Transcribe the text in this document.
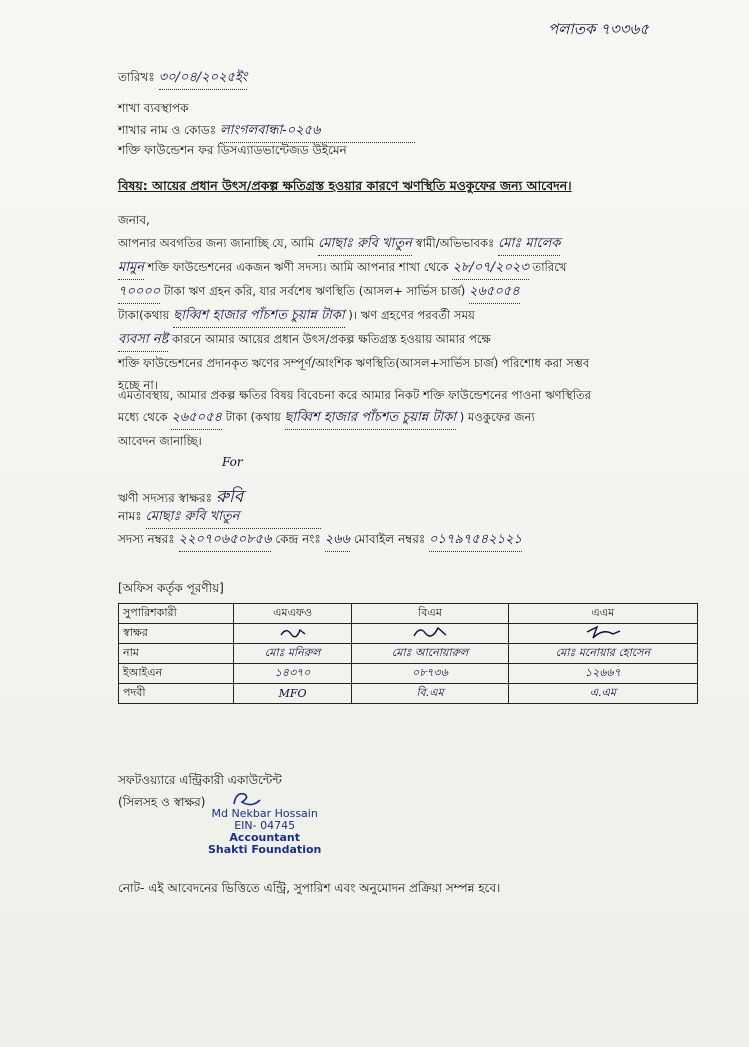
পলাতক ৭৩৩৬৫
তারিখঃ ৩০/০৪/২০২৫ইং
শাখা ব্যবস্থাপক
শাখার নাম ও কোডঃ লাংগলবান্ধা-০২৫৬
শক্তি ফাউন্ডেশন ফর ডিসএ্যাডভান্টেজড উইমেন
বিষয়: আয়ের প্রধান উৎস/প্রকল্প ক্ষতিগ্রস্ত হওয়ার কারণে ঋণস্থিতি মওকুফের জন্য আবেদন।
জনাব,
আপনার অবগতির জন্য জানাচ্ছি যে, আমি মোছাঃ রুবি খাতুন স্বামী/অভিভাবকঃ মোঃ মালেক
মামুন শক্তি ফাউন্ডেশনের একজন ঋণী সদস্য। আমি আপনার শাখা থেকে ২৮/০৭/২০২৩ তারিখে
৭০০০০ টাকা ঋণ গ্রহন করি, যার সর্বশেষ ঋণস্থিতি (আসল+ সার্ভিস চার্জ) ২৬৫০৫৪
টাকা(কথায় ছাব্বিশ হাজার পাঁচশত চুয়ান্ন টাকা )। ঋণ গ্রহণের পরবর্তী সময়
ব্যবসা নষ্ট কারনে আমার আয়ের প্রধান উৎস/প্রকল্প ক্ষতিগ্রস্ত হওয়ায় আমার পক্ষে
শক্তি ফাউন্ডেশনের প্রদানকৃত ঋণের সম্পূর্ণ/আংশিক ঋণস্থিতি(আসল+সার্ভিস চার্জ) পরিশোধ করা সম্ভব
হচ্ছে না।
এমতাবস্থায়, আমার প্রকল্প ক্ষতির বিষয় বিবেচনা করে আমার নিকট শক্তি ফাউন্ডেশনের পাওনা ঋণস্থিতির
মধ্যে থেকে ২৬৫০৫৪ টাকা (কথায় ছাব্বিশ হাজার পাঁচশত চুয়ান্ন টাকা ) মওকুফের জন্য
আবেদন জানাচ্ছি।
For
ঋণী সদস্যর স্বাক্ষরঃ রুবি
নামঃ মোছাঃ রুবি খাতুন
সদস্য নম্বরঃ ২২০৭০৬৫০৮৫৬ কেন্দ্র নংঃ ২৬৬ মোবাইল নম্বরঃ ০১৭৯৭৫৪২১২১
[অফিস কর্তৃক পূরণীয়]
সুপারিশকারী	এমএফও	বিএম	এএম
স্বাক্ষর			
নাম	মোঃ মনিরুল	মোঃ আনোয়ারুল	মোঃ মনোয়ার হোসেন
ইআইএন	১৪৩৭০	০৮৭৩৬	১২৬৬৭
পদবী	MFO	বি.এম	এ.এম
সফটওয়্যারে এন্ট্রিকারী একাউন্টেন্ট
(সিলসহ ও স্বাক্ষর)
Md Nekbar Hossain
EIN- 04745
Accountant
Shakti Foundation
নোট- এই আবেদনের ভিত্তিতে এন্ট্রি, সুপারিশ এবং অনুমোদন প্রক্রিয়া সম্পন্ন হবে।
